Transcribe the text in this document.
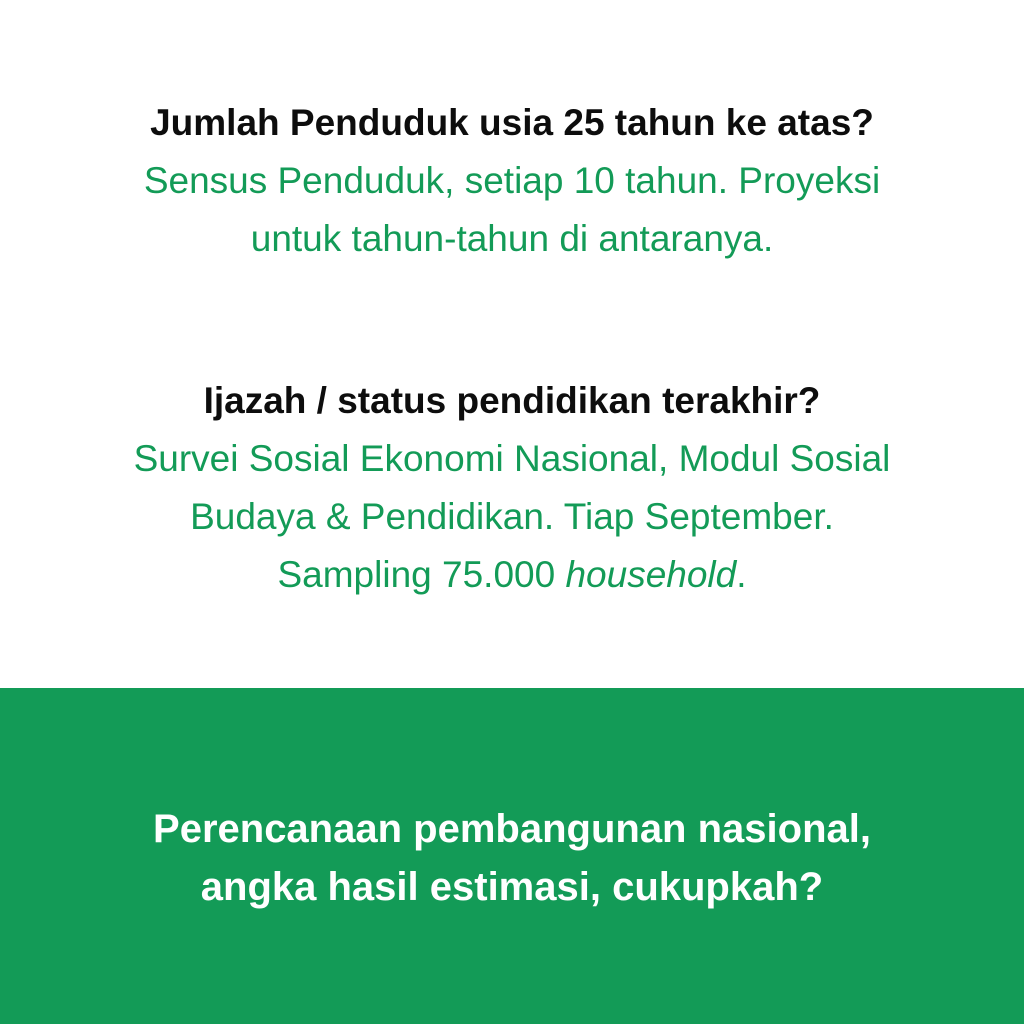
Jumlah Penduduk usia 25 tahun ke atas?
Sensus Penduduk, setiap 10 tahun. Proyeksi
untuk tahun-tahun di antaranya.
Ijazah / status pendidikan terakhir?
Survei Sosial Ekonomi Nasional, Modul Sosial
Budaya & Pendidikan. Tiap September.
Sampling 75.000 household.
Perencanaan pembangunan nasional,
angka hasil estimasi, cukupkah?
